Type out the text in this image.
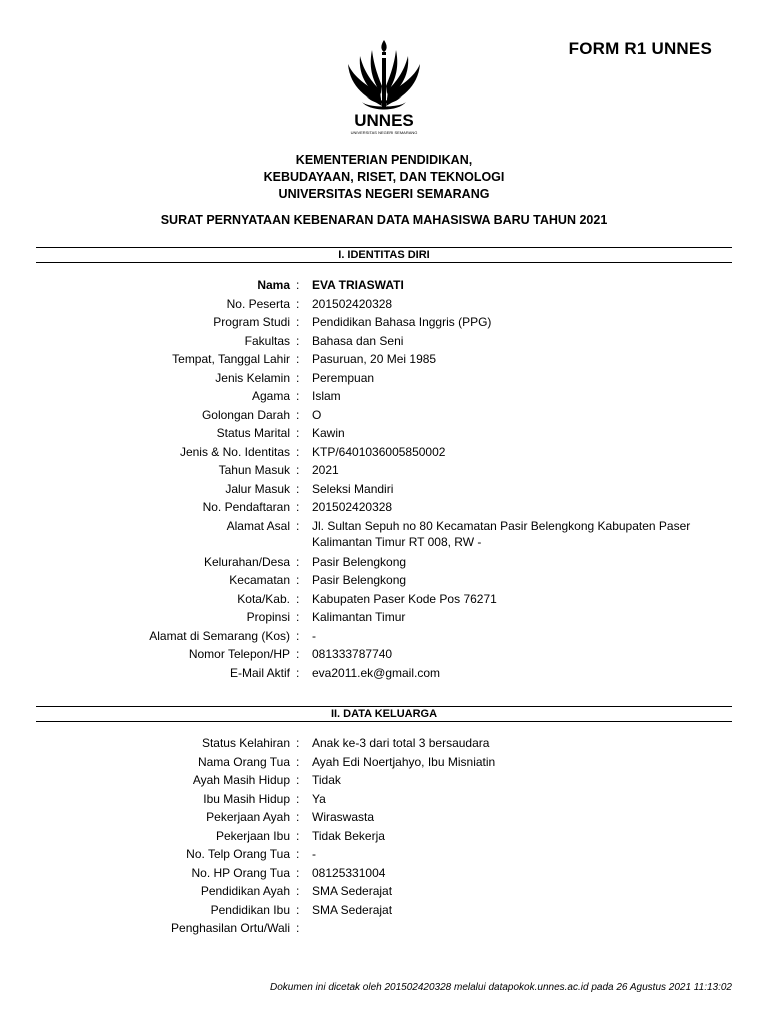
FORM R1 UNNES
UNNES
UNIVERSITAS NEGERI SEMARANG
KEMENTERIAN PENDIDIKAN,
KEBUDAYAAN, RISET, DAN TEKNOLOGI
UNIVERSITAS NEGERI SEMARANG
SURAT PERNYATAAN KEBENARAN DATA MAHASISWA BARU TAHUN 2021
I. IDENTITAS DIRI
Nama : EVA TRIASWATI
No. Peserta : 201502420328
Program Studi : Pendidikan Bahasa Inggris (PPG)
Fakultas : Bahasa dan Seni
Tempat, Tanggal Lahir : Pasuruan, 20 Mei 1985
Jenis Kelamin : Perempuan
Agama : Islam
Golongan Darah : O
Status Marital : Kawin
Jenis & No. Identitas : KTP/6401036005850002
Tahun Masuk : 2021
Jalur Masuk : Seleksi Mandiri
No. Pendaftaran : 201502420328
Alamat Asal : Jl. Sultan Sepuh no 80 Kecamatan Pasir Belengkong Kabupaten Paser Kalimantan Timur RT 008, RW -
Kelurahan/Desa : Pasir Belengkong
Kecamatan : Pasir Belengkong
Kota/Kab. : Kabupaten Paser Kode Pos 76271
Propinsi : Kalimantan Timur
Alamat di Semarang (Kos) : -
Nomor Telepon/HP : 081333787740
E-Mail Aktif : eva2011.ek@gmail.com
II. DATA KELUARGA
Status Kelahiran : Anak ke-3 dari total 3 bersaudara
Nama Orang Tua : Ayah Edi Noertjahyo, Ibu Misniatin
Ayah Masih Hidup : Tidak
Ibu Masih Hidup : Ya
Pekerjaan Ayah : Wiraswasta
Pekerjaan Ibu : Tidak Bekerja
No. Telp Orang Tua : -
No. HP Orang Tua : 08125331004
Pendidikan Ayah : SMA Sederajat
Pendidikan Ibu : SMA Sederajat
Penghasilan Ortu/Wali :
Dokumen ini dicetak oleh 201502420328 melalui datapokok.unnes.ac.id pada 26 Agustus 2021 11:13:02
